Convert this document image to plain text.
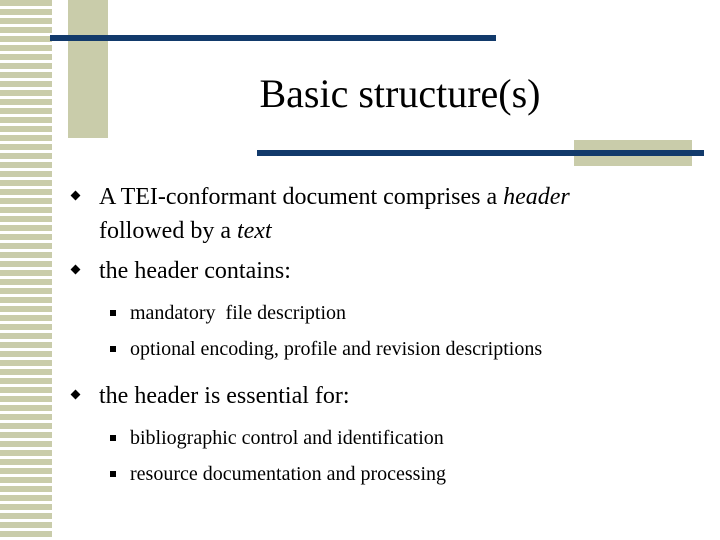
Basic structure(s)
A TEI-conformant document comprises a header
followed by a text
the header contains:
mandatory  file description
optional encoding, profile and revision descriptions
the header is essential for:
bibliographic control and identification
resource documentation and processing
